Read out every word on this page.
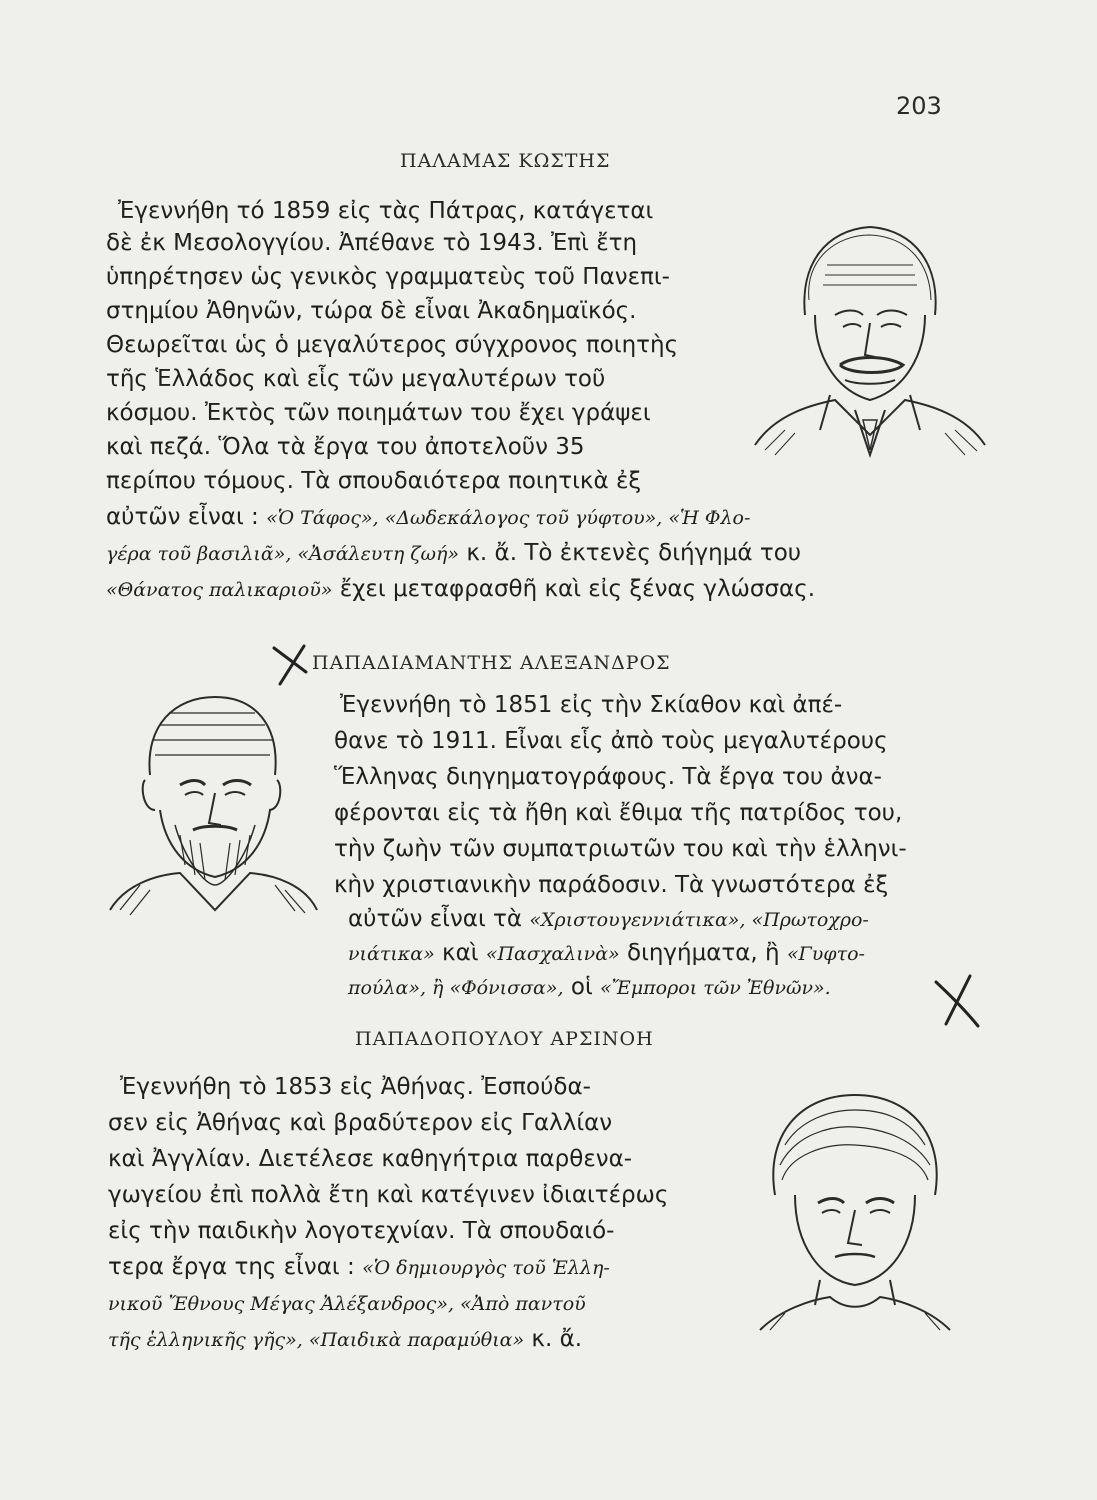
203
ΠΑΛΑΜΑΣ ΚΩΣΤΗΣ
Ἐγεννήθη τό 1859 εἰς τὰς Πάτρας, κατάγεται
δὲ ἐκ Μεσολογγίου. Ἀπέθανε τὸ 1943. Ἐπὶ ἔτη
ὑπηρέτησεν ὡς γενικὸς γραμματεὺς τοῦ Πανεπι-
στημίου Ἀθηνῶν, τώρα δὲ εἶναι Ἀκαδημαϊκός.
Θεωρεῖται ὡς ὁ μεγαλύτερος σύγχρονος ποιητὴς
τῆς Ἑλλάδος καὶ εἷς τῶν μεγαλυτέρων τοῦ
κόσμου. Ἐκτὸς τῶν ποιημάτων του ἔχει γράψει
καὶ πεζά. Ὅλα τὰ ἔργα του ἀποτελοῦν 35
περίπου τόμους. Τὰ σπουδαιότερα ποιητικὰ ἐξ
αὐτῶν εἶναι : «Ὁ Τάφος», «Δωδεκάλογος τοῦ γύφτου», «Ἡ Φλο-
γέρα τοῦ βασιλιᾶ», «Ἀσάλευτη ζωή» κ. ἄ. Τὸ ἐκτενὲς διήγημά του
«Θάνατος παλικαριοῦ» ἔχει μεταφρασθῆ καὶ εἰς ξένας γλώσσας.
ΠΑΠΑΔΙΑΜΑΝΤΗΣ ΑΛΕΞΑΝΔΡΟΣ
Ἐγεννήθη τὸ 1851 εἰς τὴν Σκίαθον καὶ ἀπέ-
θανε τὸ 1911. Εἶναι εἷς ἀπὸ τοὺς μεγαλυτέρους
Ἕλληνας διηγηματογράφους. Τὰ ἔργα του ἀνα-
φέρονται εἰς τὰ ἤθη καὶ ἔθιμα τῆς πατρίδος του,
τὴν ζωὴν τῶν συμπατριωτῶν του καὶ τὴν ἑλληνι-
κὴν χριστιανικὴν παράδοσιν. Τὰ γνωστότερα ἐξ
αὐτῶν εἶναι τὰ «Χριστουγεννιάτικα», «Πρωτοχρο-
νιάτικα» καὶ «Πασχαλινὰ» διηγήματα, ἢ «Γυφτο-
πούλα», ἢ «Φόνισσα», οἱ «Ἔμποροι τῶν Ἐθνῶν».
ΠΑΠΑΔΟΠΟΥΛΟΥ ΑΡΣΙΝΟΗ
Ἐγεννήθη τὸ 1853 εἰς Ἀθήνας. Ἐσπούδα-
σεν εἰς Ἀθήνας καὶ βραδύτερον εἰς Γαλλίαν
καὶ Ἀγγλίαν. Διετέλεσε καθηγήτρια παρθενα-
γωγείου ἐπὶ πολλὰ ἔτη καὶ κατέγινεν ἰδιαιτέρως
εἰς τὴν παιδικὴν λογοτεχνίαν. Τὰ σπουδαιό-
τερα ἔργα της εἶναι : «Ὁ δημιουργὸς τοῦ Ἑλλη-
νικοῦ Ἔθνους Μέγας Ἀλέξανδρος», «Ἀπὸ παντοῦ
τῆς ἑλληνικῆς γῆς», «Παιδικὰ παραμύθια» κ. ἄ.
